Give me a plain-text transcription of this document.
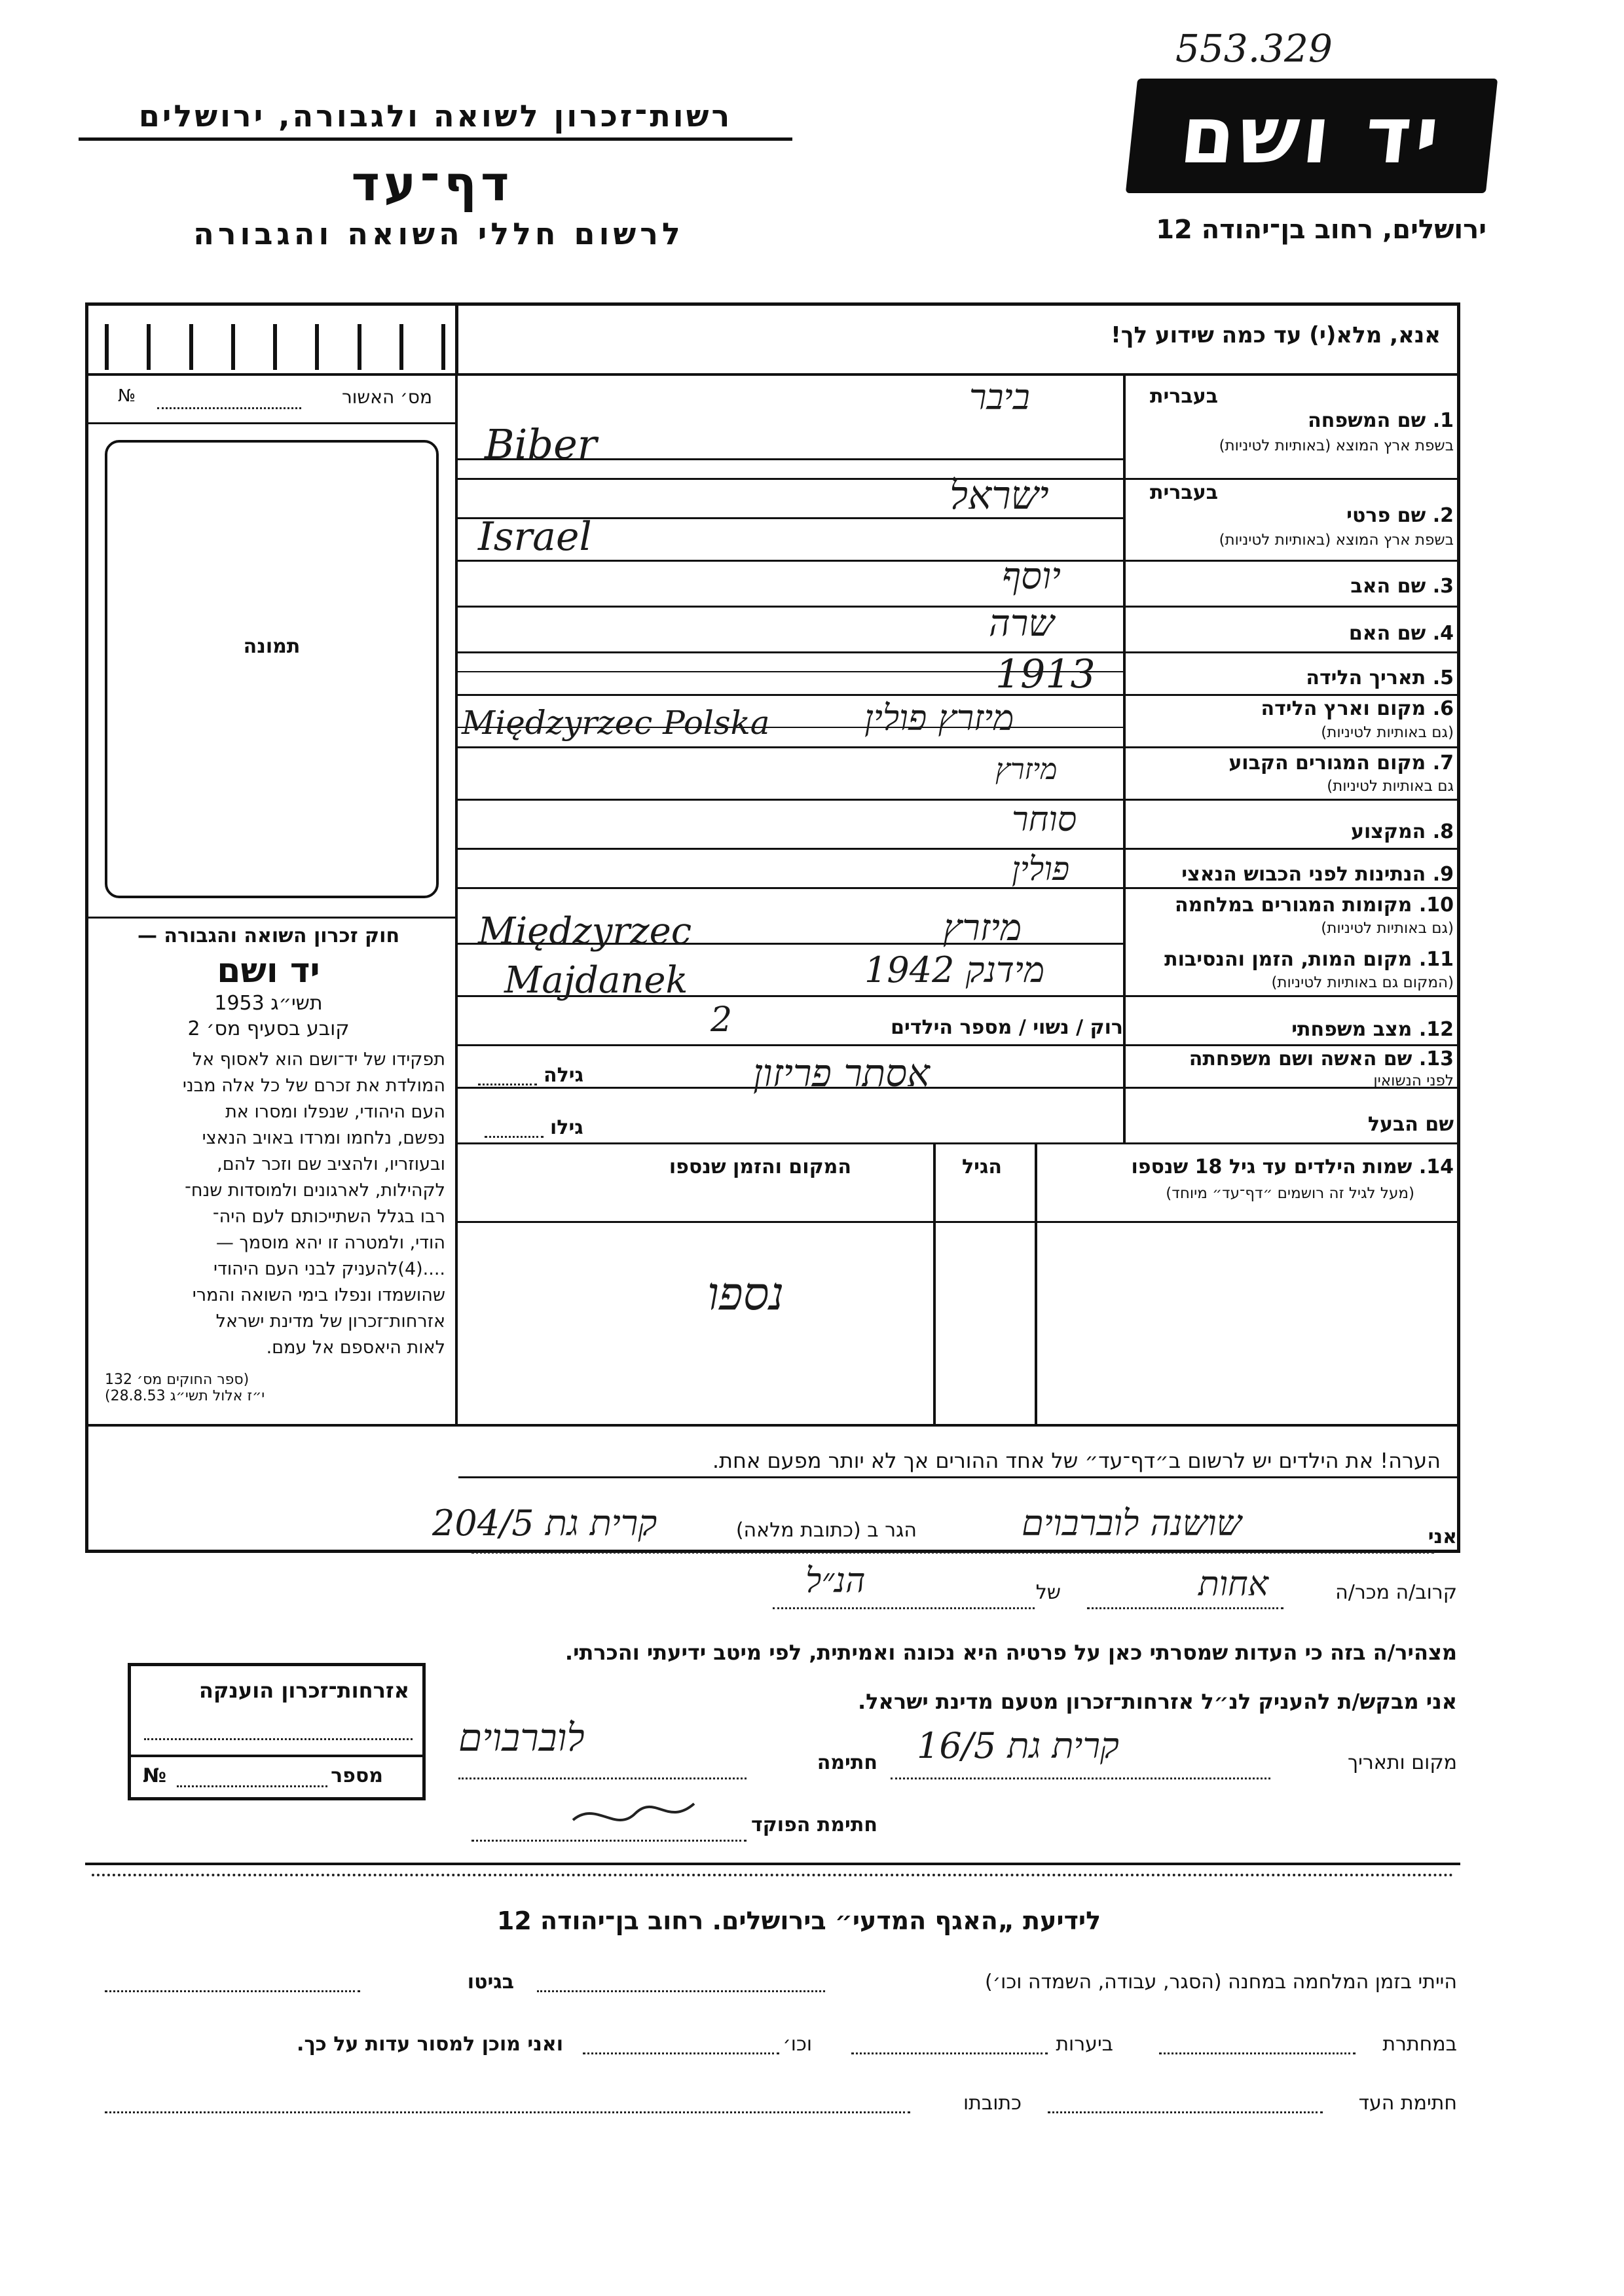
553.329
רשות־זכרון לשואה ולגבורה, ירושלים
דף־עד
לרשום חללי השואה והגבורה
יד ושם
ירושלים, רחוב בן־יהודה 12
אנא, מלא(י) עד כמה שידוע לך!
מס׳ האשור
№
תמונה
בעברית
בעברית
1. שם המשפחה
בשפת ארץ המוצא (באותיות לטיניות)
ביבר
Biber
2. שם פרטי
בשפת ארץ המוצא (באותיות לטיניות)
ישראל
Israel
3. שם האב
יוסף
4. שם האם
שרה
5. תאריך הלידה
1913
6. מקום וארץ הלידה
(גם באותיות לטיניות)
מיזרץ פולין
Międzyrzec Polska
7. מקום המגורים הקבוע
גם באותיות לטיניות)
מיזרץ
8. המקצוע
סוחר
9. הנתינות לפני הכבוש הנאצי
פולין
10. מקומות המגורים במלחמה
(גם באותיות לטיניות)
מיזרץ
Międzyrzec
11. מקום המות, הזמן והנסיבות
(המקום גם באותיות לטיניות)
מידנק 1942
Majdanek
12. מצב משפחתי
רוק / נשוי / מספר הילדים
2
13. שם האשה ושם משפחתה
לפני הנשואין
גילה	אסתר פריזון
שם הבעל
גילו
14. שמות הילדים עד גיל 18 שנספו
(מעל לגיל זה רושמים ״דף־עד״ מיוחד)
הגיל
המקום והזמן שנספו
נספו
חוק זכרון השואה והגבורה —
יד ושם
תשי״ג 1953
קובע בסעיף מס׳ 2
תפקידו של יד־ושם הוא לאסוף אל
המולדת את זכרם של כל אלה מבני
העם היהודי, שנפלו ומסרו את
נפשם, נלחמו ומרדו באויב הנאצי
ובעוזריו, ולהציב שם וזכר להם,
לקהילות, לארגונים ולמוסדות שנח־
רבו בגלל השתייכותם לעם היה־
הודי, ולמטרה זו יהא מוסמך —
....(4)להעניק לבני העם היהודי
שהושמדו ונפלו בימי השואה והמרי
אזרחות־זכרון של מדינת ישראל
לאות היאספם אל עמם.
(ספר החוקים מס׳ 132
י״ז אלול תשי״ג 28.8.53)
הערה! את הילדים יש לרשום ב״דף־עד״ של אחד ההורים אך לא יותר מפעם אחת.
אני
שושנה לוברבוים
הגר ב (כתובת מלאה)
קרית גת 204/5
קרוב/ה מכר/ה
אחות
של
הנ״ל
מצהיר/ה בזה כי העדות שמסרתי כאן על פרטיה היא נכונה ואמיתית, לפי מיטב ידיעתי והכרתי.
אני מבקש/ת להעניק לנ״ל אזרחות־זכרון מטעם מדינת ישראל.
מקום ותאריך
קרית גת 16/5
חתימה
לוברבוים
חתימת הפוקד
אזרחות־זכרון הוענקה
מספר
№
לידיעת „האגף המדעי״ בירושלים. רחוב בן־יהודה 12
הייתי בזמן המלחמה במחנה (הסגר, עבודה, השמדה וכו׳)
בגיטו
במחתרת
ביערות
וכו׳
ואני מוכן למסור עדות על כך.
חתימת העד
כתובתו
